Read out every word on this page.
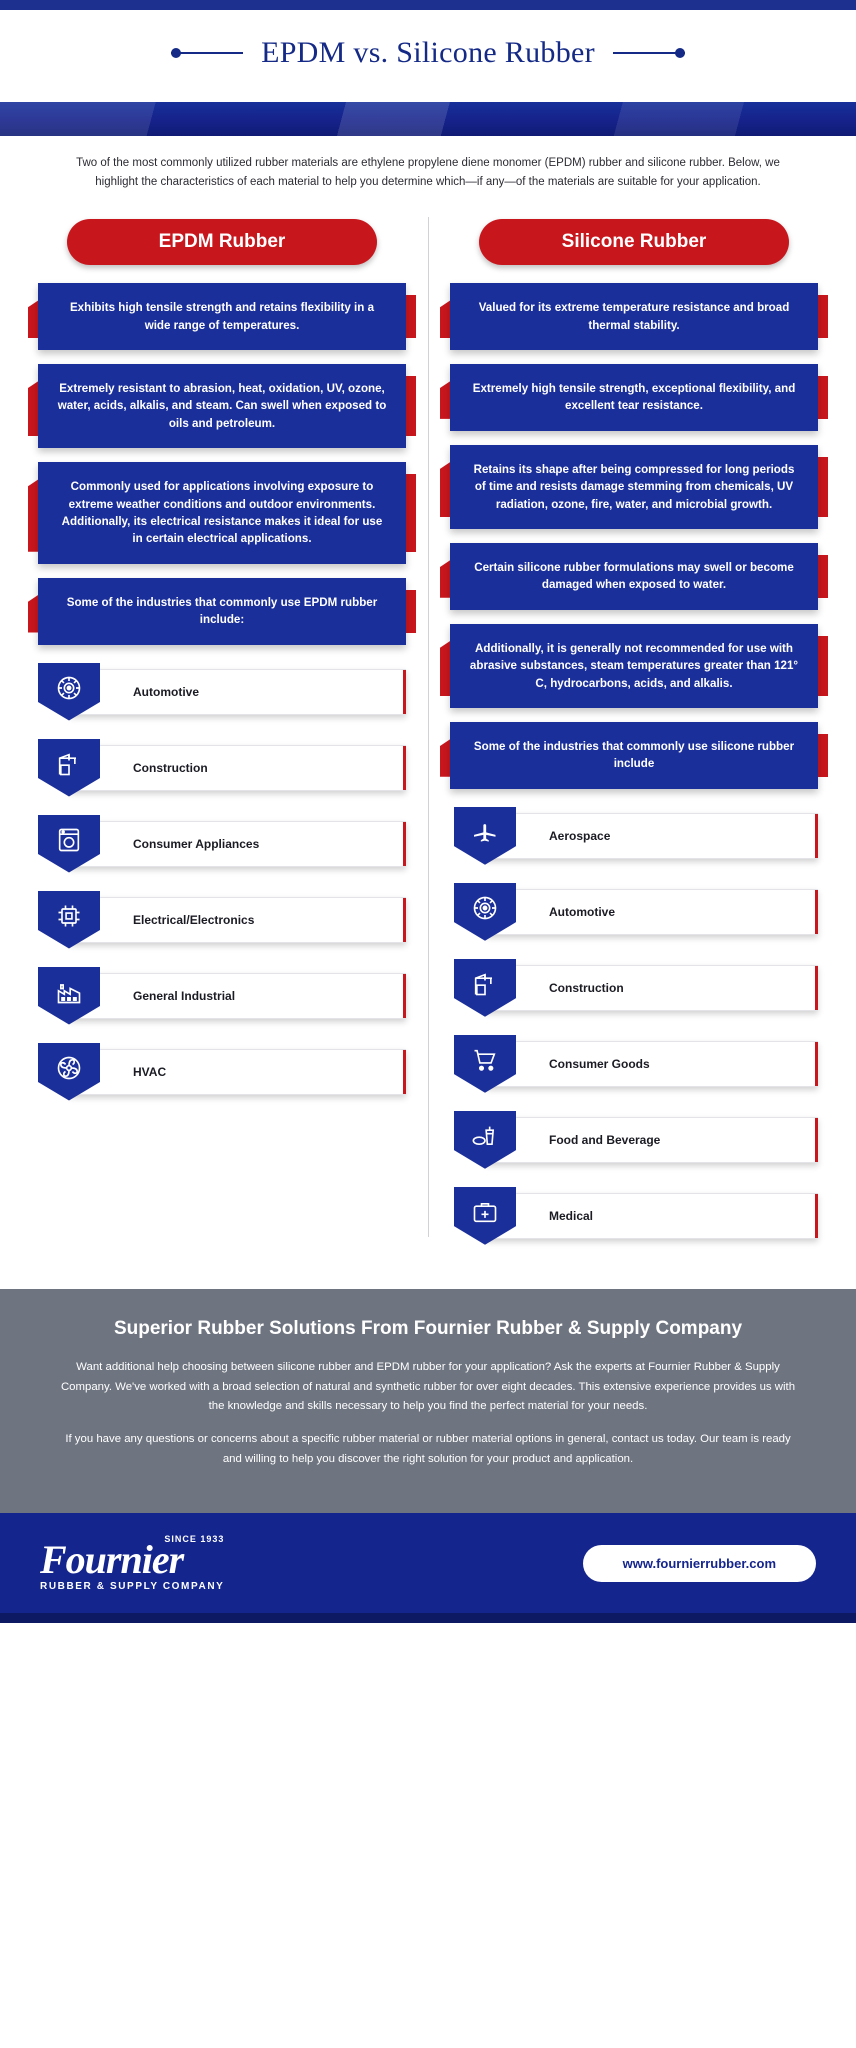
EPDM vs. Silicone Rubber
Two of the most commonly utilized rubber materials are ethylene propylene diene monomer (EPDM) rubber and silicone rubber. Below, we highlight the characteristics of each material to help you determine which—if any—of the materials are suitable for your application.
EPDM Rubber
Exhibits high tensile strength and retains flexibility in a wide range of temperatures.
Extremely resistant to abrasion, heat, oxidation, UV, ozone, water, acids, alkalis, and steam. Can swell when exposed to oils and petroleum.
Commonly used for applications involving exposure to extreme weather conditions and outdoor environments. Additionally, its electrical resistance makes it ideal for use in certain electrical applications.
Some of the industries that commonly use EPDM rubber include:
Automotive
Construction
Consumer Appliances
Electrical/Electronics
General Industrial
HVAC
Silicone Rubber
Valued for its extreme temperature resistance and broad thermal stability.
Extremely high tensile strength, exceptional flexibility, and excellent tear resistance.
Retains its shape after being compressed for long periods of time and resists damage stemming from chemicals, UV radiation, ozone, fire, water, and microbial growth.
Certain silicone rubber formulations may swell or become damaged when exposed to water.
Additionally, it is generally not recommended for use with abrasive substances, steam temperatures greater than 121° C, hydrocarbons, acids, and alkalis.
Some of the industries that commonly use silicone rubber include
Aerospace
Automotive
Construction
Consumer Goods
Food and Beverage
Medical
Superior Rubber Solutions From Fournier Rubber & Supply Company

Want additional help choosing between silicone rubber and EPDM rubber for your application? Ask the experts at Fournier Rubber & Supply Company. We've worked with a broad selection of natural and synthetic rubber for over eight decades. This extensive experience provides us with the knowledge and skills necessary to help you find the perfect material for your needs.

If you have any questions or concerns about a specific rubber material or rubber material options in general, contact us today. Our team is ready and willing to help you discover the right solution for your product and application.

SINCE 1933
Fournier
RUBBER & SUPPLY COMPANY
www.fournierrubber.com
